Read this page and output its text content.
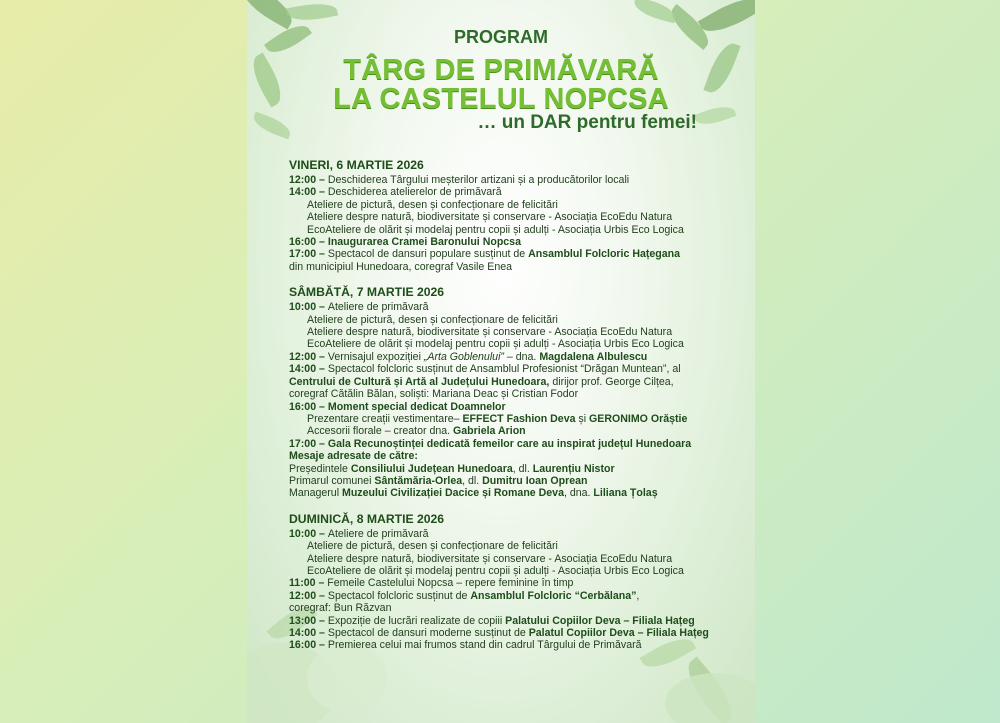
PROGRAM
TÂRG DE PRIMĂVARĂ
LA CASTELUL NOPCSA
… un DAR pentru femei!
VINERI, 6 MARTIE 2026
12:00 – Deschiderea Târgului meșterilor artizani și a producătorilor locali
14:00 – Deschiderea atelierelor de primăvară
Ateliere de pictură, desen și confecționare de felicitări
Ateliere despre natură, biodiversitate și conservare - Asociația EcoEdu Natura
EcoAteliere de olărit și modelaj pentru copii și adulți - Asociația Urbis Eco Logica
16:00 – Inaugurarea Cramei Baronului Nopcsa
17:00 – Spectacol de dansuri populare susținut de Ansamblul Folcloric Hațegana
din municipiul Hunedoara, coregraf Vasile Enea
SÂMBĂTĂ, 7 MARTIE 2026
10:00 – Ateliere de primăvară
Ateliere de pictură, desen și confecționare de felicitări
Ateliere despre natură, biodiversitate și conservare - Asociația EcoEdu Natura
EcoAteliere de olărit și modelaj pentru copii și adulți - Asociația Urbis Eco Logica
12:00 – Vernisajul expoziției „Arta Goblenului” – dna. Magdalena Albulescu
14:00 – Spectacol folcloric susținut de Ansamblul Profesionist “Drăgan Muntean”, al
Centrului de Cultură și Artă al Județului Hunedoara, dirijor prof. George Cilțea,
coregraf Cătălin Bălan, soliști: Mariana Deac și Cristian Fodor
16:00 – Moment special dedicat Doamnelor
Prezentare creații vestimentare– EFFECT Fashion Deva și GERONIMO Orăștie
Accesorii florale – creator dna. Gabriela Arion
17:00 – Gala Recunoștinței dedicată femeilor care au inspirat județul Hunedoara
Mesaje adresate de către:
Președintele Consiliului Județean Hunedoara, dl. Laurențiu Nistor
Primarul comunei Sântămăria-Orlea, dl. Dumitru Ioan Oprean
Managerul Muzeului Civilizației Dacice și Romane Deva, dna. Liliana Țolaș
DUMINICĂ, 8 MARTIE 2026
10:00 – Ateliere de primăvară
Ateliere de pictură, desen și confecționare de felicitări
Ateliere despre natură, biodiversitate și conservare - Asociația EcoEdu Natura
EcoAteliere de olărit și modelaj pentru copii și adulți - Asociația Urbis Eco Logica
11:00 – Femeile Castelului Nopcsa – repere feminine în timp
12:00 – Spectacol folcloric susținut de Ansamblul Folcloric “Cerbălana”,
coregraf: Bun Răzvan
13:00 – Expoziție de lucrări realizate de copiii Palatului Copiilor Deva – Filiala Hațeg
14:00 – Spectacol de dansuri moderne susținut de Palatul Copiilor Deva – Filiala Hațeg
16:00 – Premierea celui mai frumos stand din cadrul Târgului de Primăvară
